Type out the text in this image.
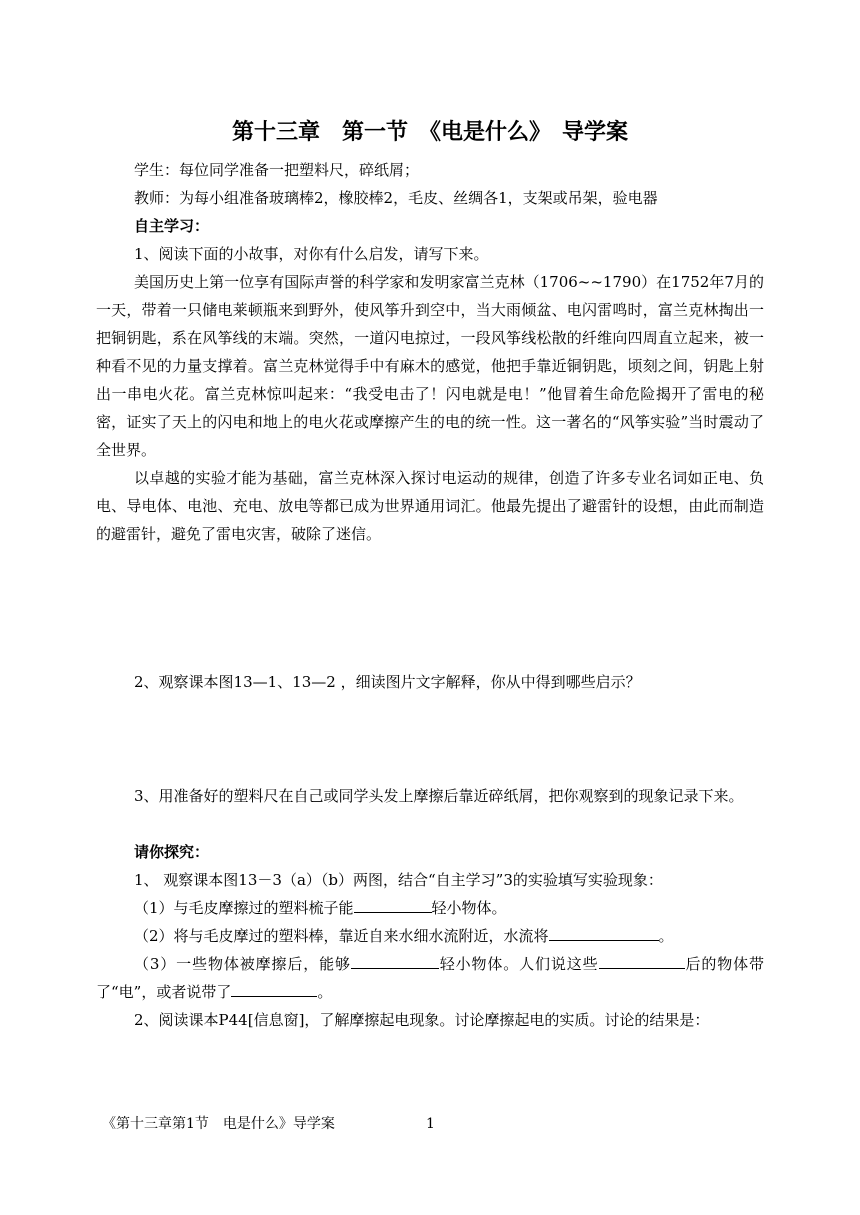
第十三章　第一节　《电是什么》　导学案

学生：每位同学准备一把塑料尺，碎纸屑；

教师：为每小组准备玻璃棒2，橡胶棒2，毛皮、丝绸各1，支架或吊架，验电器

自主学习：

1、阅读下面的小故事，对你有什么启发，请写下来。

美国历史上第一位享有国际声誉的科学家和发明家富兰克林（1706~~1790）在1752年7月的一天，带着一只储电莱顿瓶来到野外，使风筝升到空中，当大雨倾盆、电闪雷鸣时，富兰克林掏出一把铜钥匙，系在风筝线的末端。突然，一道闪电掠过，一段风筝线松散的纤维向四周直立起来，被一种看不见的力量支撑着。富兰克林觉得手中有麻木的感觉，他把手靠近铜钥匙，顷刻之间，钥匙上射出一串电火花。富兰克林惊叫起来：“我受电击了！闪电就是电！”他冒着生命危险揭开了雷电的秘密，证实了天上的闪电和地上的电火花或摩擦产生的电的统一性。这一著名的“风筝实验”当时震动了全世界。

以卓越的实验才能为基础，富兰克林深入探讨电运动的规律，创造了许多专业名词如正电、负电、导电体、电池、充电、放电等都已成为世界通用词汇。他最先提出了避雷针的设想，由此而制造的避雷针，避免了雷电灾害，破除了迷信。

2、观察课本图13—1、13—2 ，细读图片文字解释，你从中得到哪些启示？

3、用准备好的塑料尺在自己或同学头发上摩擦后靠近碎纸屑，把你观察到的现象记录下来。

请你探究：

1、 观察课本图13－3（a）（b）两图，结合“自主学习”3的实验填写实验现象：

（1）与毛皮摩擦过的塑料梳子能	轻小物体。

（2）将与毛皮摩过的塑料棒，靠近自来水细水流附近，水流将	。

（3）一些物体被摩擦后，能够	轻小物体。人们说这些	后的物体带了“电”，或者说带了	。

2、阅读课本P44[信息窗]，了解摩擦起电现象。讨论摩擦起电的实质。讨论的结果是：

《第十三章第1节　电是什么》导学案	1
